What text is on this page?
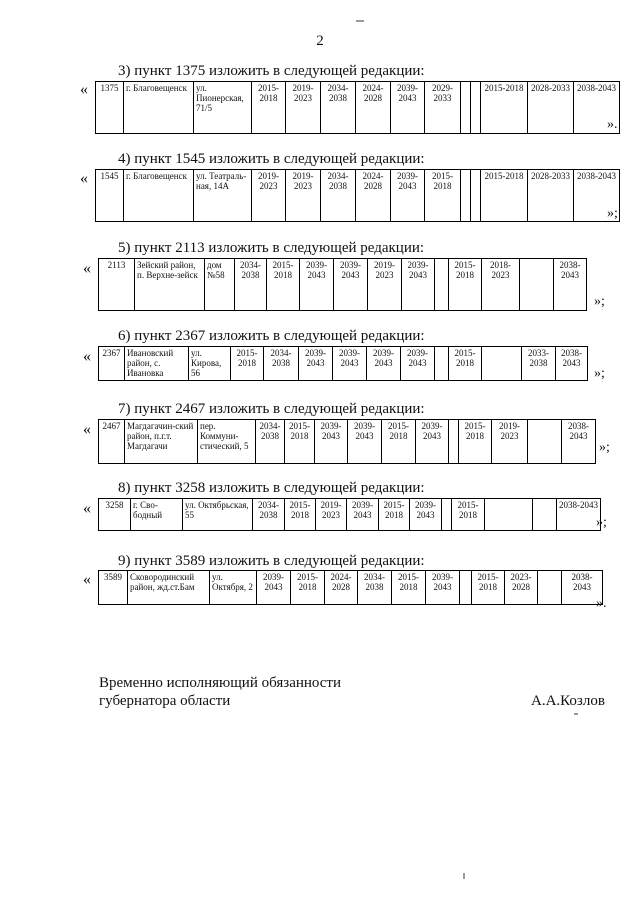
2
3) пункт 1375 изложить в следующей редакции:
« 1375	г. Благовещенск	ул. Пионерская, 71/5	2015-2018	2019-2023	2034-2038	2024-2028	2039-2043	2029-2033			2015-2018	2028-2033	2038-2043
».
4) пункт 1545 изложить в следующей редакции:
« 1545	г. Благовещенск	ул. Театраль-ная, 14А	2019-2023	2019-2023	2034-2038	2024-2028	2039-2043	2015-2018			2015-2018	2028-2033	2038-2043
»;
5) пункт 2113 изложить в следующей редакции:
« 2113	Зейский район, п. Верхне-зейск	дом №58	2034-2038	2015-2018	2039-2043	2039-2043	2019-2023	2039-2043		2015-2018	2018-2023		2038-2043
»;
6) пункт 2367 изложить в следующей редакции:
« 2367	Ивановский район, с. Ивановка	ул. Кирова, 56	2015-2018	2034-2038	2039-2043	2039-2043	2039-2043	2039-2043		2015-2018		2033-2038	2038-2043
»;
7) пункт 2467 изложить в следующей редакции:
« 2467	Магдагачин-ский район, п.г.т. Магдагачи	пер. Коммуни-стический, 5	2034-2038	2015-2018	2039-2043	2039-2043	2015-2018	2039-2043		2015-2018	2019-2023		2038-2043
»;
8) пункт 3258 изложить в следующей редакции:
« 3258	г. Сво-бодный	ул. Октябрьская, 55	2034-2038	2015-2018	2019-2023	2039-2043	2015-2018	2039-2043		2015-2018			2038-2043
»;
9) пункт 3589 изложить в следующей редакции:
« 3589	Сковородинский район, жд.ст.Бам	ул. Октября, 2	2039-2043	2015-2018	2024-2028	2034-2038	2015-2018	2039-2043		2015-2018	2023-2028		2038-2043
».
Временно исполняющий обязанности
губернатора области	А.А.Козлов
